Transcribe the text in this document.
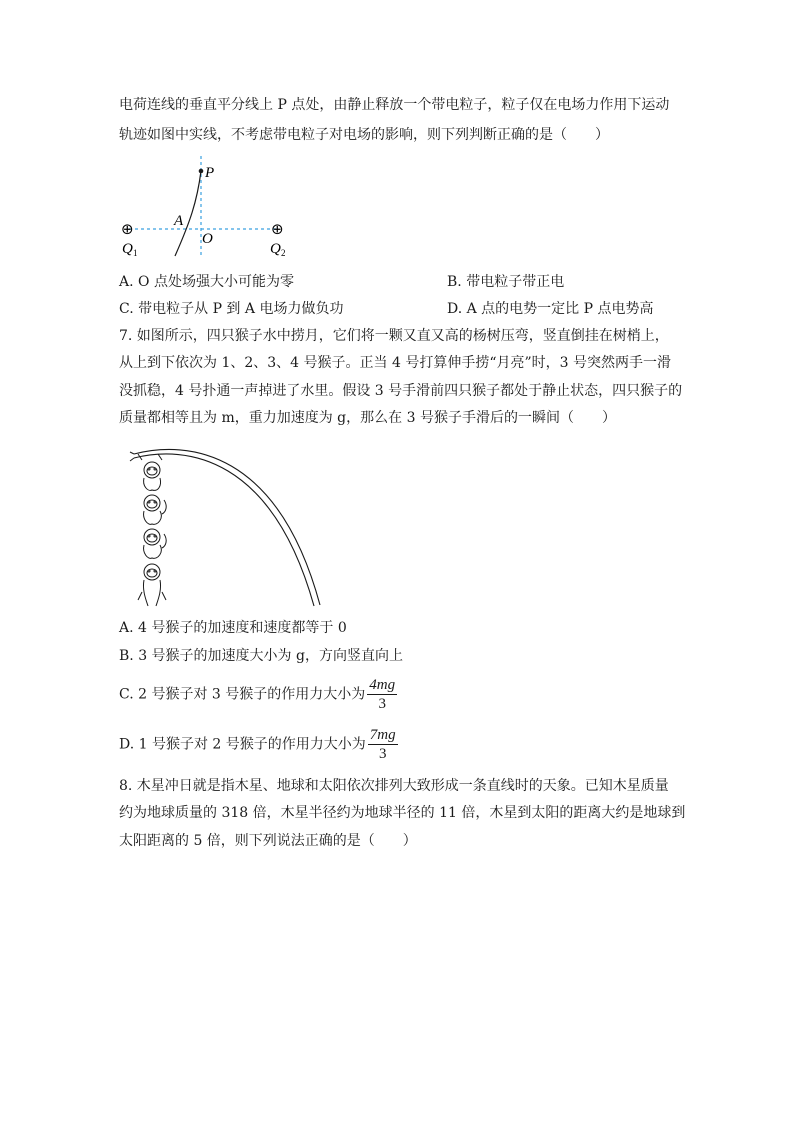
电荷连线的垂直平分线上 P 点处，由静止释放一个带电粒子，粒子仅在电场力作用下运动
轨迹如图中实线，不考虑带电粒子对电场的影响，则下列判断正确的是（　　）
P
A
O
⊕	⊕
Q 1	Q 2
A. O 点处场强大小可能为零	B. 带电粒子带正电
C. 带电粒子从 P 到 A 电场力做负功	D. A 点的电势一定比 P 点电势高
7. 如图所示，四只猴子水中捞月，它们将一颗又直又高的杨树压弯，竖直倒挂在树梢上，
从上到下依次为 1、2、3、4 号猴子。正当 4 号打算伸手捞“月亮”时，3 号突然两手一滑
没抓稳，4 号扑通一声掉进了水里。假设 3 号手滑前四只猴子都处于静止状态，四只猴子的
质量都相等且为 m，重力加速度为 g，那么在 3 号猴子手滑后的一瞬间（　　）
A. 4 号猴子的加速度和速度都等于 0
B. 3 号猴子的加速度大小为 g，方向竖直向上
C. 2 号猴子对 3 号猴子的作用力大小为 $\frac{4mg}{3}$
D. 1 号猴子对 2 号猴子的作用力大小为 $\frac{7mg}{3}$
8. 木星冲日就是指木星、地球和太阳依次排列大致形成一条直线时的天象。已知木星质量
约为地球质量的 318 倍，木星半径约为地球半径的 11 倍，木星到太阳的距离大约是地球到
太阳距离的 5 倍，则下列说法正确的是（　　）
